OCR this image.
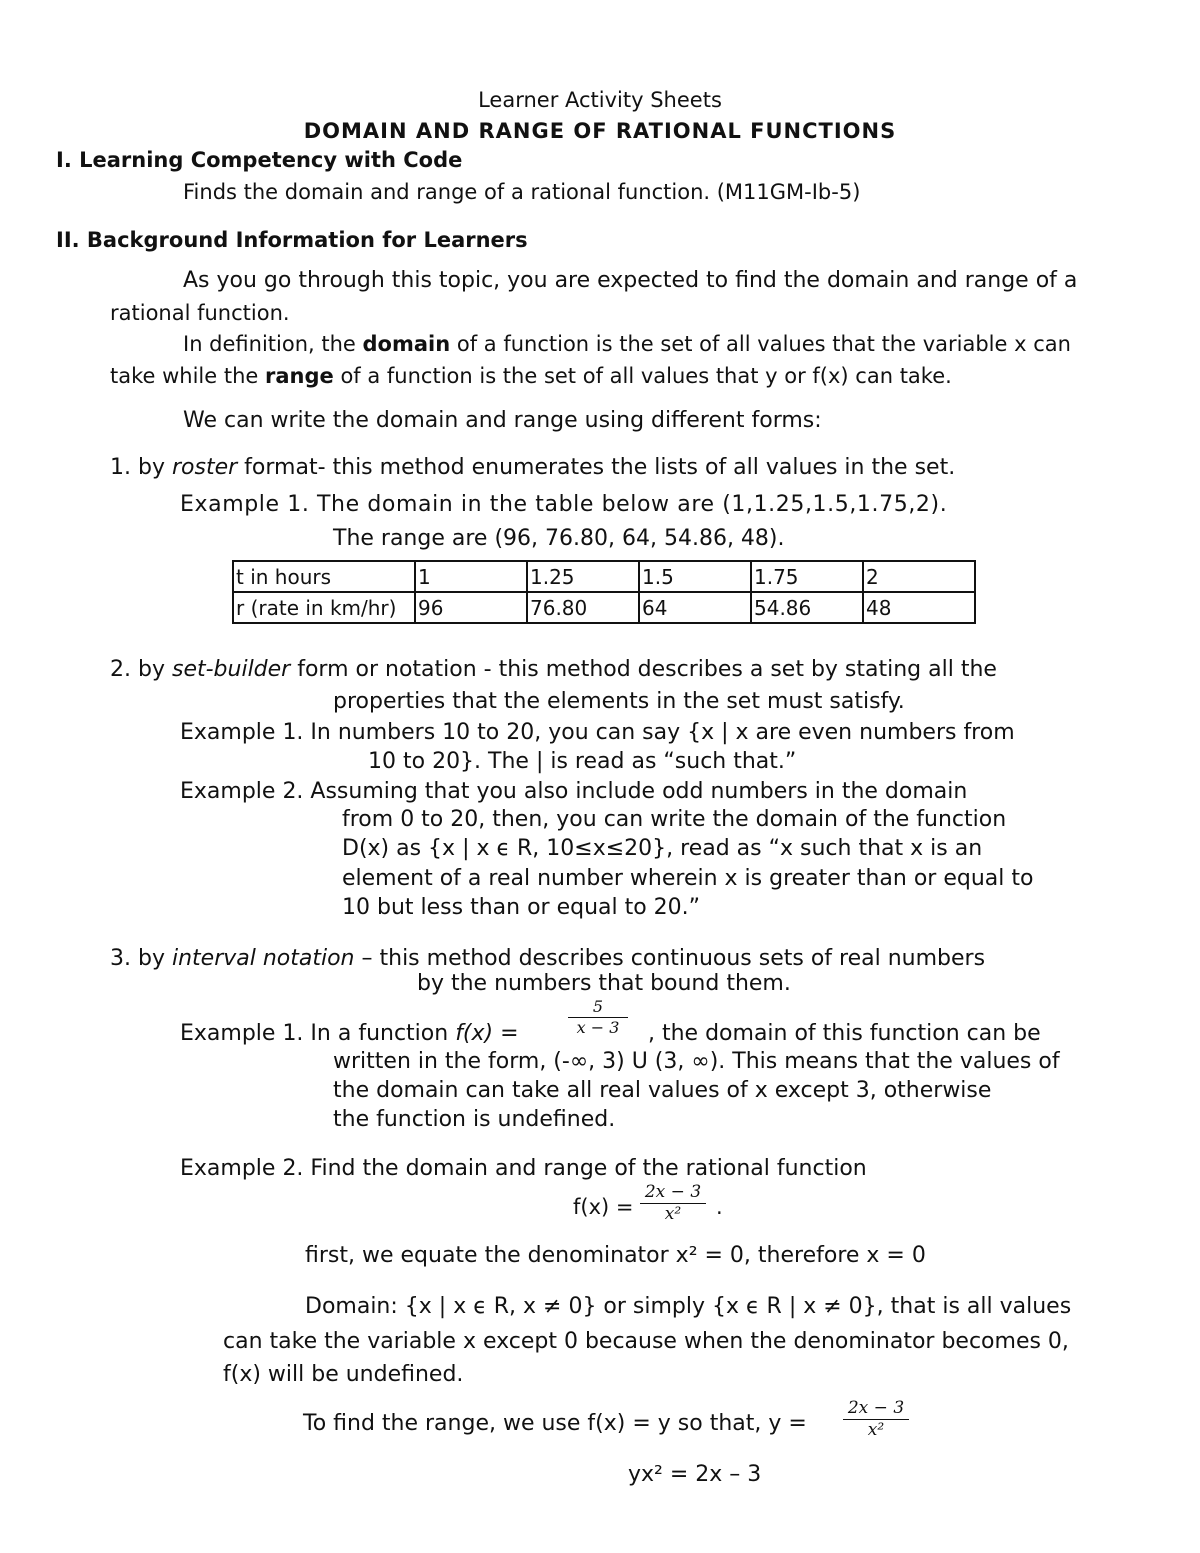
Learner Activity Sheets
DOMAIN AND RANGE OF RATIONAL FUNCTIONS
I. Learning Competency with Code
Finds the domain and range of a rational function. (M11GM-Ib-5)
II. Background Information for Learners
As you go through this topic, you are expected to find the domain and range of a
rational function.
In definition, the domain of a function is the set of all values that the variable x can
take while the range of a function is the set of all values that y or f(x) can take.
We can write the domain and range using different forms:
1. by roster format- this method enumerates the lists of all values in the set.
Example 1. The domain in the table below are (1,1.25,1.5,1.75,2).
The range are (96, 76.80, 64, 54.86, 48).
t in hours	1	1.25	1.5	1.75	2
r (rate in km/hr)	96	76.80	64	54.86	48
2. by set-builder form or notation - this method describes a set by stating all the
properties that the elements in the set must satisfy.
Example 1. In numbers 10 to 20, you can say {x | x are even numbers from
10 to 20}. The | is read as “such that.”
Example 2. Assuming that you also include odd numbers in the domain
from 0 to 20, then, you can write the domain of the function
D(x) as {x | x ϵ R, 10≤x≤20}, read as “x such that x is an
element of a real number wherein x is greater than or equal to
10 but less than or equal to 20.”
3. by interval notation – this method describes continuous sets of real numbers
by the numbers that bound them.
Example 1. In a function f(x) =
5
x − 3	, the domain of this function can be
written in the form, (-∞, 3) U (3, ∞). This means that the values of
the domain can take all real values of x except 3, otherwise
the function is undefined.
Example 2. Find the domain and range of the rational function
f(x) =
2x − 3
x²	.
first, we equate the denominator x² = 0, therefore x = 0
Domain: {x | x ϵ R, x ≠ 0} or simply {x ϵ R | x ≠ 0}, that is all values
can take the variable x except 0 because when the denominator becomes 0,
f(x) will be undefined.
To find the range, we use f(x) = y so that, y =
2x − 3
x²
yx² = 2x – 3
